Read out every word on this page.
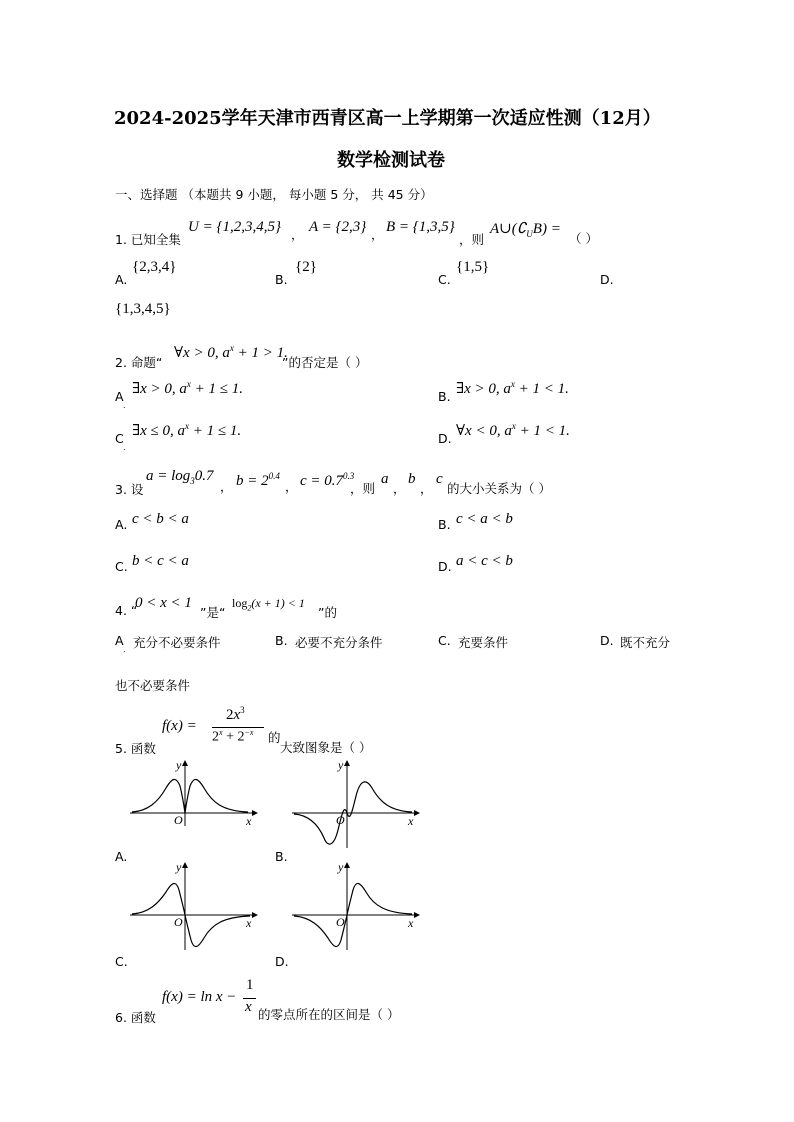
2024-2025学年天津市西青区高一上学期第一次适应性测（12月）
数学检测试卷
一、选择题 （本题共 9 小题， 每小题 5 分， 共 45 分）
1. 已知全集
U = {1,2,3,4,5} ， A = {2,3} ， B = {1,3,5}
，则
$A\cup(∁_UB)$ =
（ ）
A.
{2,3,4}
B.
{2}
C.
{1,5}
D.
{1,3,4,5}
2. 命题“
∀x > 0, $a^x + 1 > 1$.
”的否定是（ ）
A
.
∃x > 0, $a^x + 1 \le 1$.	B. ∃x > 0, $a^x + 1 < 1$.
C
.
∃x ≤ 0, $a^x + 1 \le 1$.	D. ∀x < 0, $a^x + 1 < 1$.
3. 设
$a = \log_30.7$
， $b = 2^{0.4}$
， $c = 0.7^{0.3}$
，则
a
，
b
，
c
的大小关系为（ ）
A. c < b < a	B. c < a < b
C. b < c < a	D. a < c < b
4. “
0 < x < 1
”是“
$\log_2(x + 1) < 1$
”的
A
. 充分不必要条件	B. 必要不充分条件	C. 充要条件	D. 既不充分
也不必要条件
5. 函数
f(x) =
$2x^3$
$2^x + 2^{-x}$ 的
大致图象是（ ）
y
x
O
A.
y
x
O
B.
y
x
O
C.
y
x
O
D.
6. 函数
f(x) = ln x −
1
x 的零点所在的区间是（ ）
